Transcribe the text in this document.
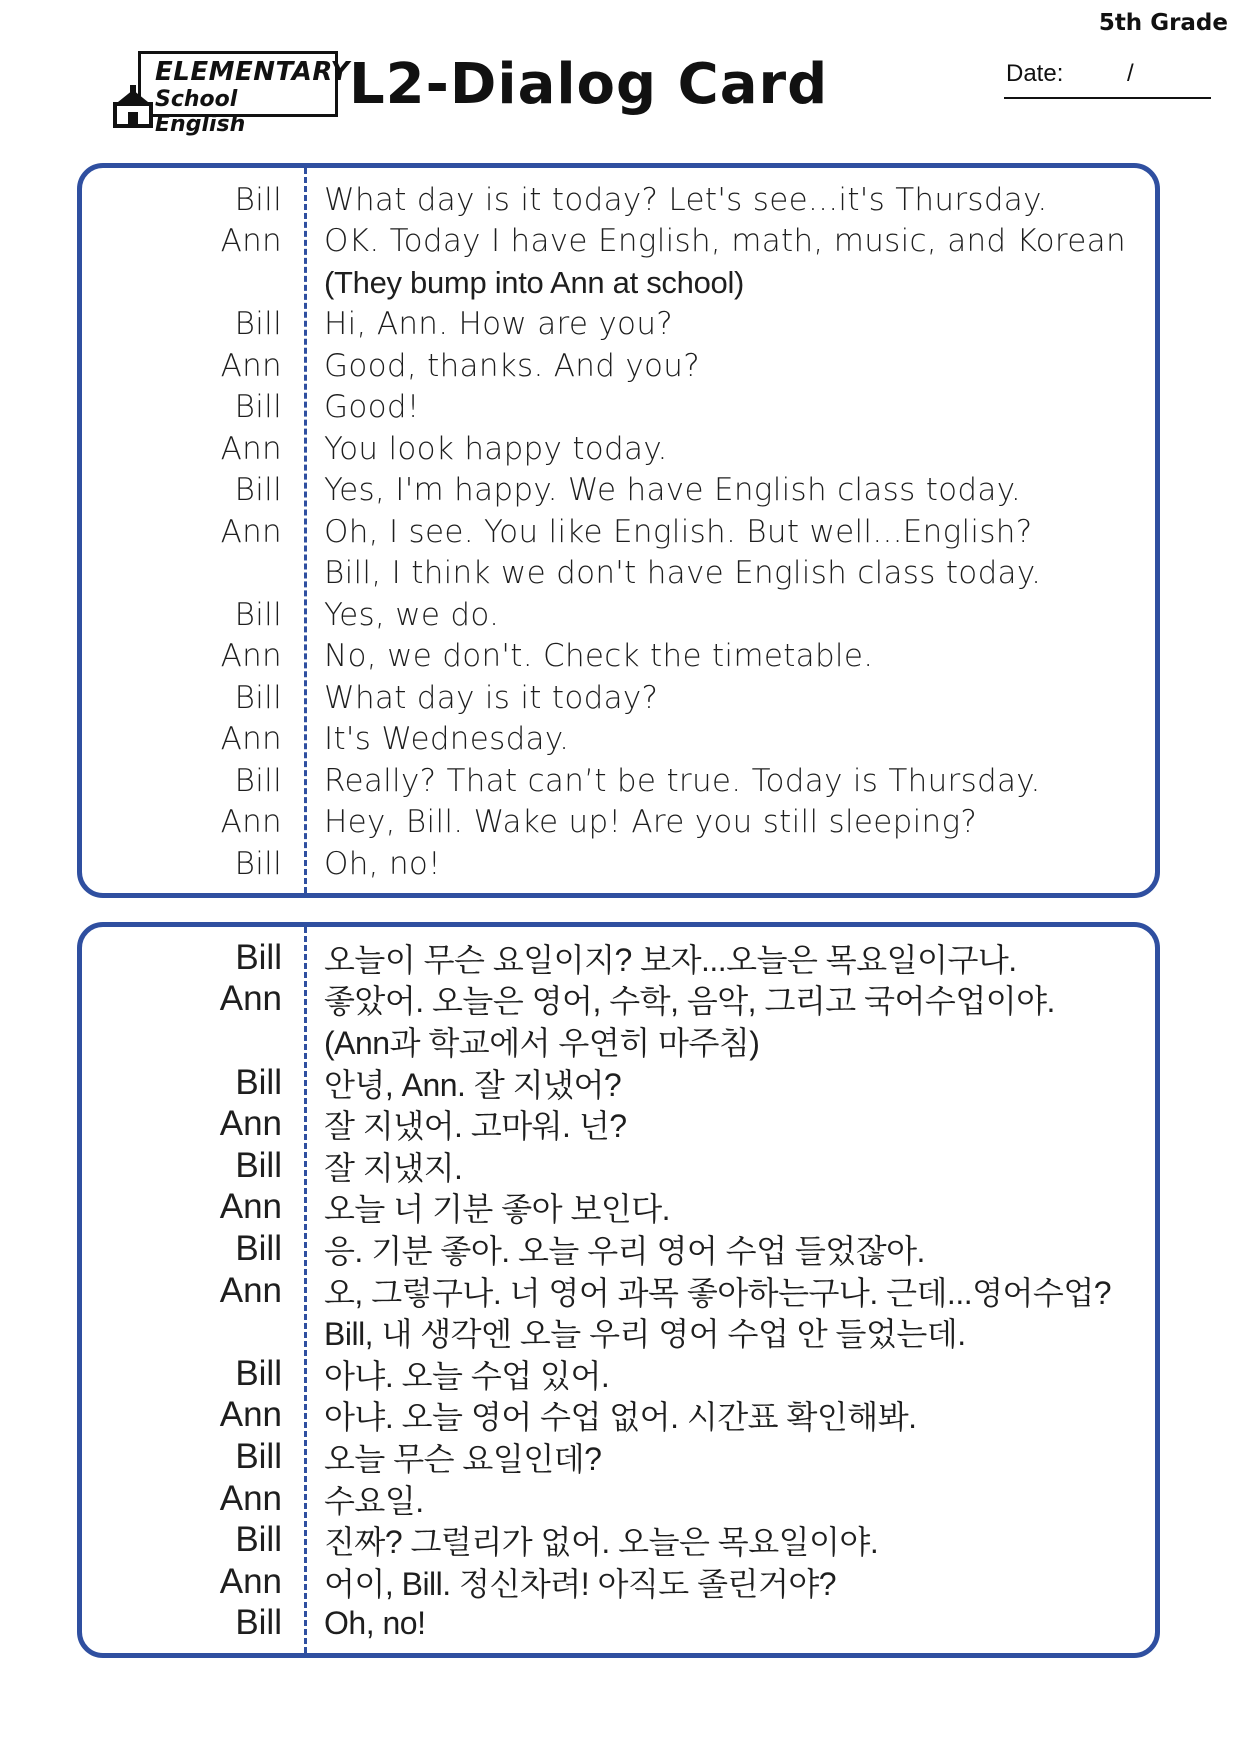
5th Grade
ELEMENTARY
School English
L2-Dialog Card	Date:	/
Bill What day is it today? Let's see...it's Thursday.
Ann OK. Today I have English, math, music, and Korean
(They bump into Ann at school)
Bill Hi, Ann. How are you?
Ann Good, thanks. And you?
Bill Good!
Ann You look happy today.
Bill Yes, I'm happy. We have English class today.
Ann Oh, I see. You like English. But well...English?
Bill, I think we don't have English class today.
Bill Yes, we do.
Ann No, we don't. Check the timetable.
Bill What day is it today?
Ann It's Wednesday.
Bill Really? That can’t be true. Today is Thursday.
Ann Hey, Bill. Wake up! Are you still sleeping?
Bill Oh, no!
Bill 오늘이 무슨 요일이지? 보자...오늘은 목요일이구나.
Ann 좋았어. 오늘은 영어, 수학, 음악, 그리고 국어수업이야.
(Ann과 학교에서 우연히 마주침)
Bill 안녕, Ann. 잘 지냈어?
Ann 잘 지냈어. 고마워. 넌?
Bill 잘 지냈지.
Ann 오늘 너 기분 좋아 보인다.
Bill 응. 기분 좋아. 오늘 우리 영어 수업 들었잖아.
Ann 오, 그렇구나. 너 영어 과목 좋아하는구나. 근데...영어수업?
Bill, 내 생각엔 오늘 우리 영어 수업 안 들었는데.
Bill 아냐. 오늘 수업 있어.
Ann 아냐. 오늘 영어 수업 없어. 시간표 확인해봐.
Bill 오늘 무슨 요일인데?
Ann 수요일.
Bill 진짜? 그럴리가 없어. 오늘은 목요일이야.
Ann 어이, Bill. 정신차려! 아직도 졸린거야?
Bill Oh, no!
